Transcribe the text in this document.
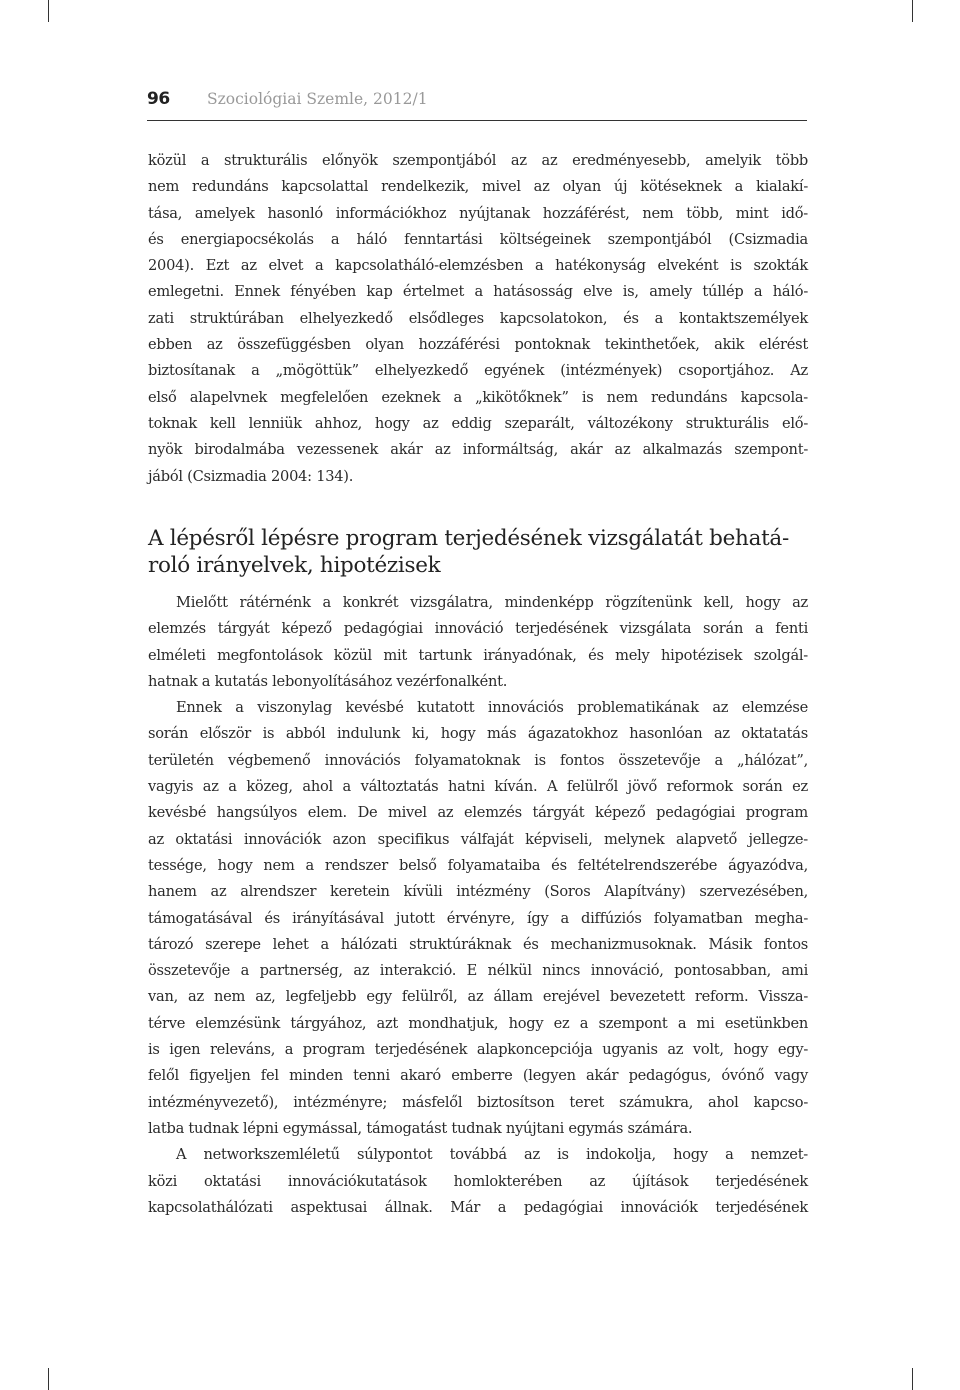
96 Szociológiai Szemle, 2012/1
közül a strukturális előnyök szempontjából az az eredményesebb, amelyik több
nem redundáns kapcsolattal rendelkezik, mivel az olyan új kötéseknek a kialakí-
tása, amelyek hasonló információkhoz nyújtanak hozzáférést, nem több, mint idő-
és energiapocsékolás a háló fenntartási költségeinek szempontjából (Csizmadia
2004). Ezt az elvet a kapcsolatháló-elemzésben a hatékonyság elveként is szokták
emlegetni. Ennek fényében kap értelmet a hatásosság elve is, amely túllép a háló-
zati struktúrában elhelyezkedő elsődleges kapcsolatokon, és a kontaktszemélyek
ebben az összefüggésben olyan hozzáférési pontoknak tekinthetőek, akik elérést
biztosítanak a „mögöttük” elhelyezkedő egyének (intézmények) csoportjához. Az
első alapelvnek megfelelően ezeknek a „kikötőknek” is nem redundáns kapcsola-
toknak kell lenniük ahhoz, hogy az eddig szeparált, változékony strukturális elő-
nyök birodalmába vezessenek akár az informáltság, akár az alkalmazás szempont-
jából (Csizmadia 2004: 134).
A lépésről lépésre program terjedésének vizsgálatát behatá-
roló irányelvek, hipotézisek
Mielőtt rátérnénk a konkrét vizsgálatra, mindenképp rögzítenünk kell, hogy az
elemzés tárgyát képező pedagógiai innováció terjedésének vizsgálata során a fenti
elméleti megfontolások közül mit tartunk irányadónak, és mely hipotézisek szolgál-
hatnak a kutatás lebonyolításához vezérfonalként.
Ennek a viszonylag kevésbé kutatott innovációs problematikának az elemzése
során először is abból indulunk ki, hogy más ágazatokhoz hasonlóan az oktatatás
területén végbemenő innovációs folyamatoknak is fontos összetevője a „hálózat”,
vagyis az a közeg, ahol a változtatás hatni kíván. A felülről jövő reformok során ez
kevésbé hangsúlyos elem. De mivel az elemzés tárgyát képező pedagógiai program
az oktatási innovációk azon specifikus válfaját képviseli, melynek alapvető jellegze-
tessége, hogy nem a rendszer belső folyamataiba és feltételrendszerébe ágyazódva,
hanem az alrendszer keretein kívüli intézmény (Soros Alapítvány) szervezésében,
támogatásával és irányításával jutott érvényre, így a diffúziós folyamatban megha-
tározó szerepe lehet a hálózati struktúráknak és mechanizmusoknak. Másik fontos
összetevője a partnerség, az interakció. E nélkül nincs innováció, pontosabban, ami
van, az nem az, legfeljebb egy felülről, az állam erejével bevezetett reform. Vissza-
térve elemzésünk tárgyához, azt mondhatjuk, hogy ez a szempont a mi esetünkben
is igen releváns, a program terjedésének alapkoncepciója ugyanis az volt, hogy egy-
felől figyeljen fel minden tenni akaró emberre (legyen akár pedagógus, óvónő vagy
intézményvezető), intézményre; másfelől biztosítson teret számukra, ahol kapcso-
latba tudnak lépni egymással, támogatást tudnak nyújtani egymás számára.
A networkszemléletű súlypontot továbbá az is indokolja, hogy a nemzet-
közi oktatási innovációkutatások homlokterében az újítások terjedésének
kapcsolathálózati aspektusai állnak. Már a pedagógiai innovációk terjedésének
